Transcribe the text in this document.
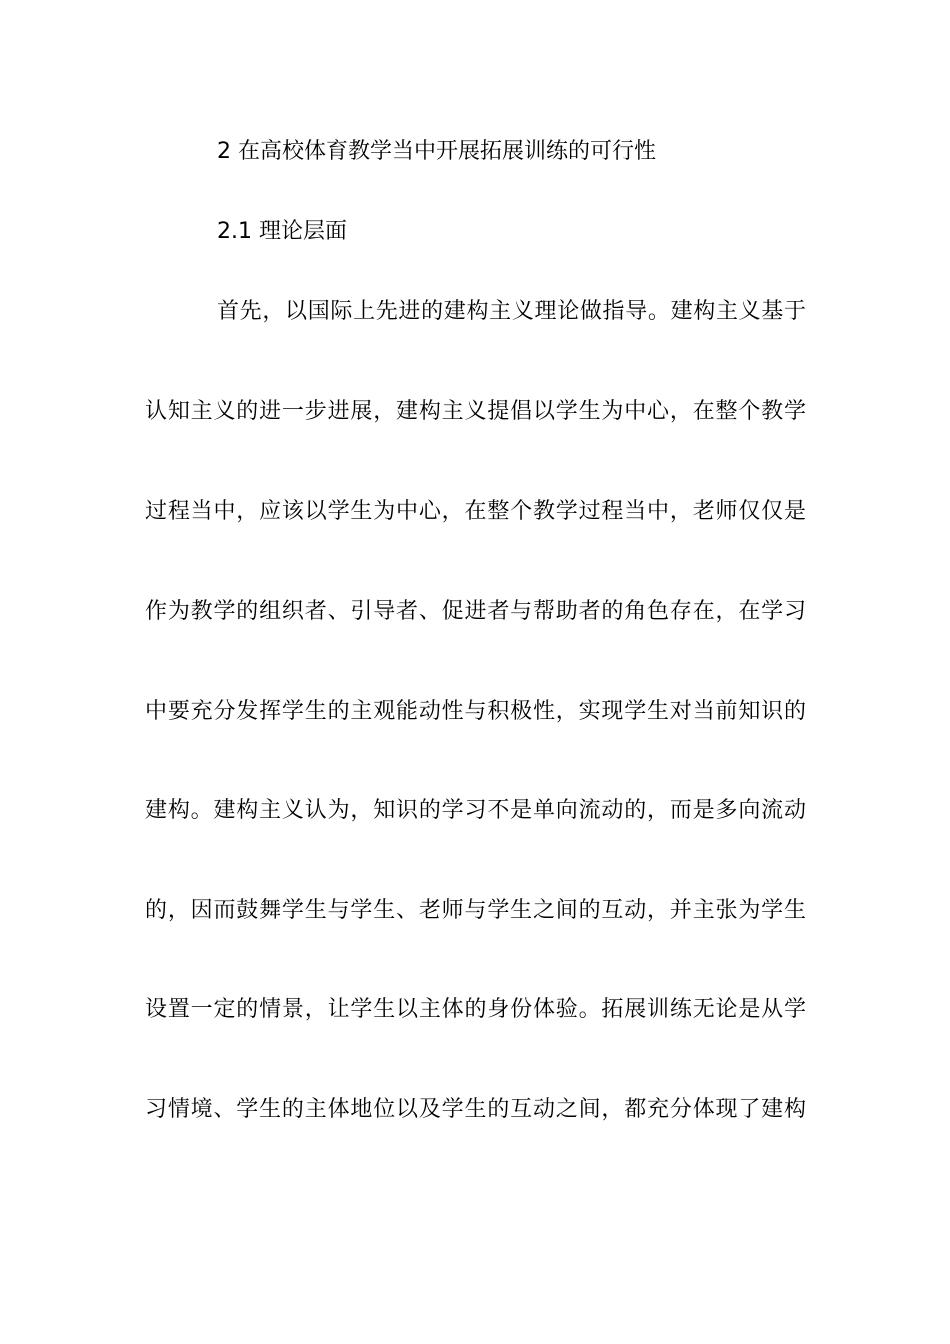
2 在高校体育教学当中开展拓展训练的可行性
2.1 理论层面
首先，以国际上先进的建构主义理论做指导。建构主义基于
认知主义的进一步进展，建构主义提倡以学生为中心，在整个教学
过程当中，应该以学生为中心，在整个教学过程当中，老师仅仅是
作为教学的组织者、引导者、促进者与帮助者的角色存在，在学习
中要充分发挥学生的主观能动性与积极性，实现学生对当前知识的
建构。建构主义认为，知识的学习不是单向流动的，而是多向流动
的，因而鼓舞学生与学生、老师与学生之间的互动，并主张为学生
设置一定的情景，让学生以主体的身份体验。拓展训练无论是从学
习情境、学生的主体地位以及学生的互动之间，都充分体现了建构
